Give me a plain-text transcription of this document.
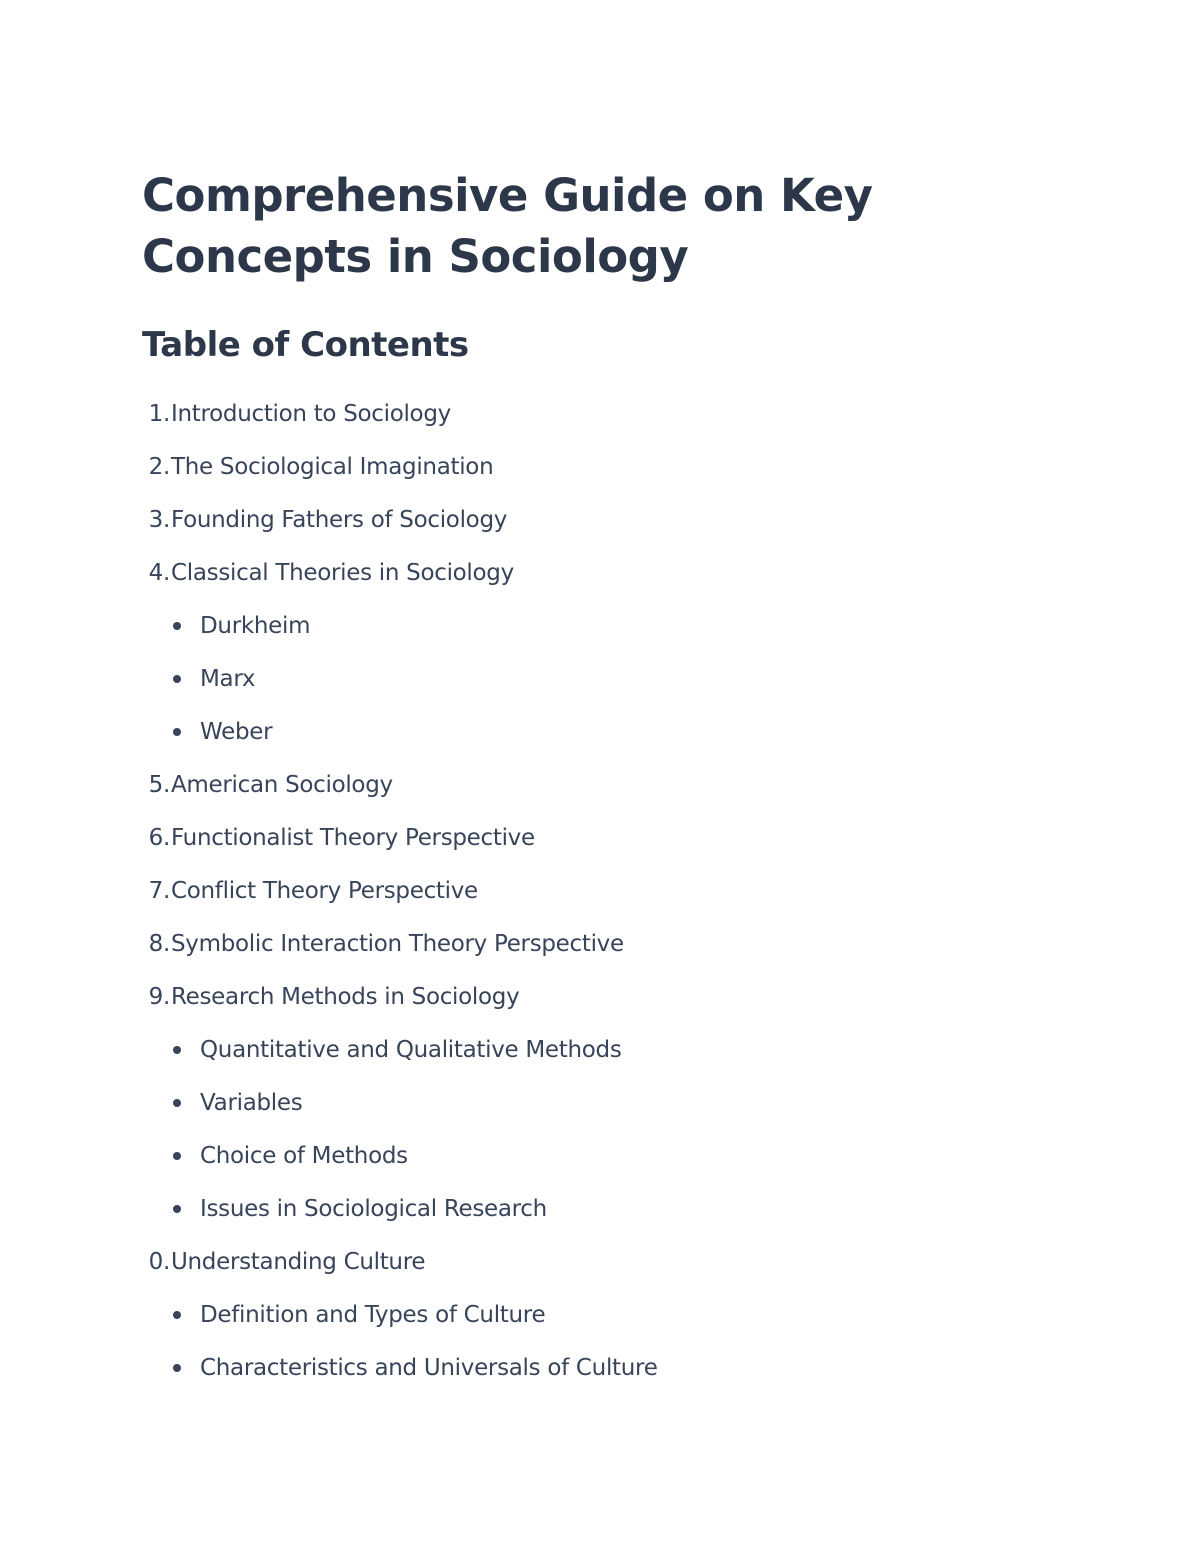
Comprehensive Guide on Key Concepts in Sociology
Table of Contents
1. Introduction to Sociology
2. The Sociological Imagination
3. Founding Fathers of Sociology
4. Classical Theories in Sociology
Durkheim
Marx
Weber
5. American Sociology
6. Functionalist Theory Perspective
7. Conflict Theory Perspective
8. Symbolic Interaction Theory Perspective
9. Research Methods in Sociology
Quantitative and Qualitative Methods
Variables
Choice of Methods
Issues in Sociological Research
0. Understanding Culture
Definition and Types of Culture
Characteristics and Universals of Culture
